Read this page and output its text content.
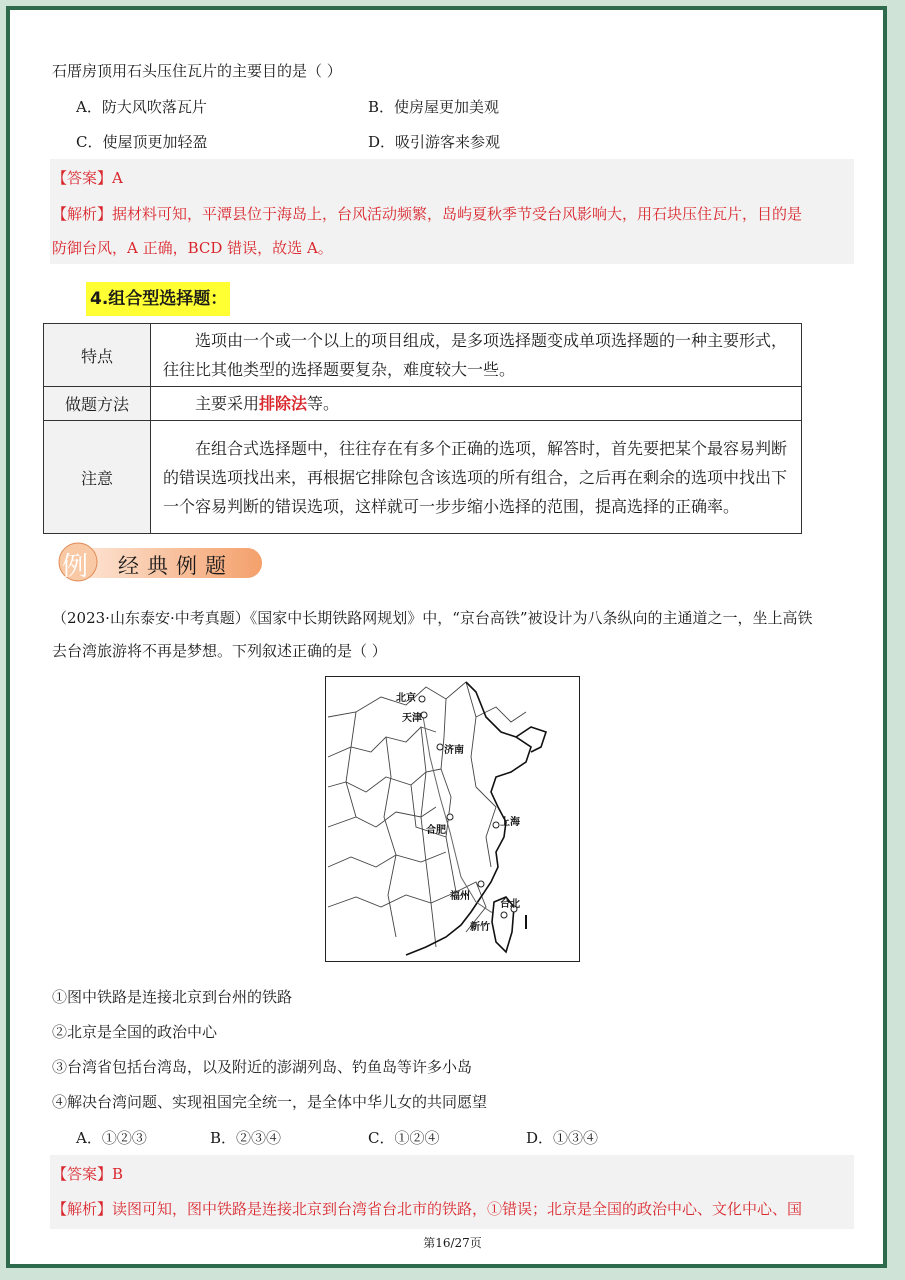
石厝房顶用石头压住瓦片的主要目的是（ ）
A．防大风吹落瓦片	B．使房屋更加美观
C．使屋顶更加轻盈	D．吸引游客来参观
【答案】A
【解析】据材料可知，平潭县位于海岛上，台风活动频繁，岛屿夏秋季节受台风影响大，用石块压住瓦片，目的是
防御台风，A 正确，BCD 错误，故选 A。
4.组合型选择题：
特点	选项由一个或一个以上的项目组成，是多项选择题变成单项选择题的一种主要形式，往往比其他类型的选择题要复杂，难度较大一些。

做题方法	主要采用排除法等。

注意	在组合式选择题中，往往存在有多个正确的选项，解答时，首先要把某个最容易判断的错误选项找出来，再根据它排除包含该选项的所有组合，之后再在剩余的选项中找出下一个容易判断的错误选项，这样就可一步步缩小选择的范围，提高选择的正确率。
例 经典例题
（2023·山东泰安·中考真题）《国家中长期铁路网规划》中，“京台高铁”被设计为八条纵向的主通道之一，坐上高铁
去台湾旅游将不再是梦想。下列叙述正确的是（ ）
北京
天津
济南
上海
合肥
福州
台北
新竹
①图中铁路是连接北京到台州的铁路
②北京是全国的政治中心
③台湾省包括台湾岛，以及附近的澎湖列岛、钓鱼岛等许多小岛
④解决台湾问题、实现祖国完全统一，是全体中华儿女的共同愿望
A．①②③	B．②③④	C．①②④	D．①③④
【答案】B
【解析】读图可知，图中铁路是连接北京到台湾省台北市的铁路，①错误；北京是全国的政治中心、文化中心、国
第16/27页
